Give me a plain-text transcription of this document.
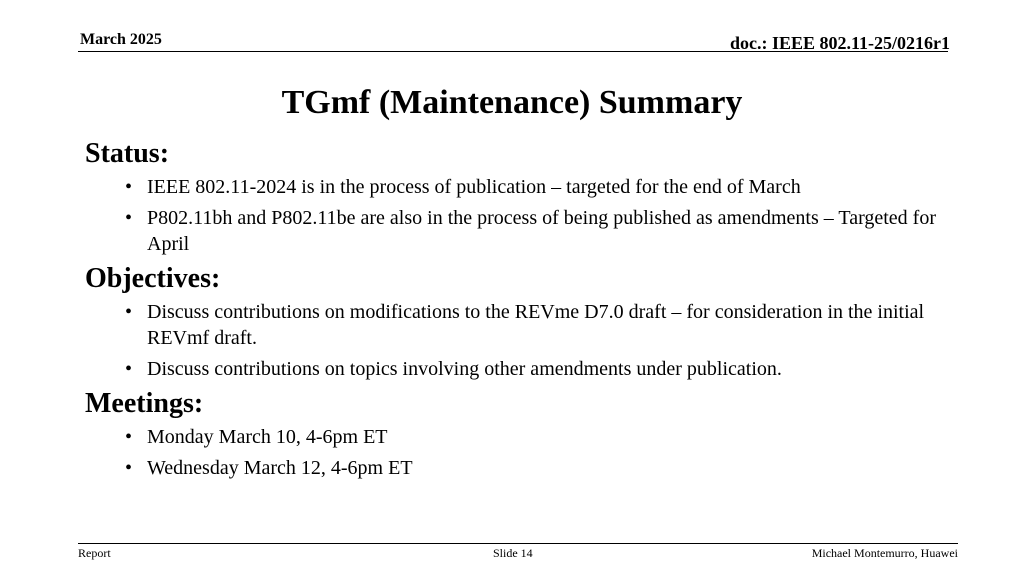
March 2025	doc.: IEEE 802.11-25/0216r1
TGmf (Maintenance) Summary
Status:
• IEEE 802.11-2024 is in the process of publication – targeted for the end of March
• P802.11bh and P802.11be are also in the process of being published as amendments – Targeted for April
Objectives:
• Discuss contributions on modifications to the REVme D7.0 draft – for consideration in the initial REVmf draft.
• Discuss contributions on topics involving other amendments under publication.
Meetings:
• Monday March 10, 4-6pm ET
• Wednesday March 12, 4-6pm ET
Report	Slide 14	Michael Montemurro, Huawei
